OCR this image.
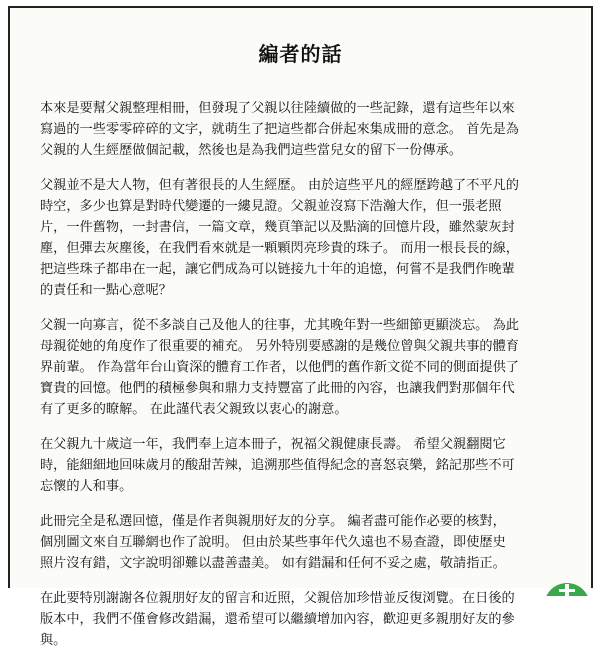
編者的話
本來是要幫父親整理相冊，但發現了父親以往陸續做的一些記錄，還有這些年以來
寫過的一些零零碎碎的文字，就萌生了把這些都合併起來集成冊的意念。 首先是為
父親的人生經歷做個記載，然後也是為我們這些當兒女的留下一份傳承。
父親並不是大人物，但有著很長的人生經歷。 由於這些平凡的經歷跨越了不平凡的
時空，多少也算是對時代變遷的一縷見證。父親並沒寫下浩瀚大作，但一張老照
片，一件舊物，一封書信，一篇文章，幾頁筆記以及點滴的回憶片段，雖然蒙灰封
塵，但彈去灰塵後，在我們看來就是一顆顆閃亮珍貴的珠子。 而用一根長長的線，
把這些珠子都串在一起，讓它們成為可以链接九十年的追憶，何嘗不是我們作晚輩
的責任和一點心意呢？
父親一向寡言，從不多談自己及他人的往事，尤其晚年對一些細節更顯淡忘。 為此
母親從她的角度作了很重要的補充。 另外特別要感謝的是幾位曾與父親共事的體育
界前輩。 作為當年台山資深的體育工作者，以他們的舊作新文從不同的側面提供了
寶貴的回憶。他們的積極參與和鼎力支持豐富了此冊的內容，也讓我們對那個年代
有了更多的瞭解。 在此謹代表父親致以衷心的謝意。
在父親九十歲這一年，我們奉上這本冊子，祝福父親健康長壽。 希望父親翻閱它
時，能細細地回味歲月的酸甜苦辣，追溯那些值得紀念的喜怒哀樂，銘記那些不可
忘懷的人和事。
此冊完全是私選回憶，僅是作者與親朋好友的分享。 編者盡可能作必要的核對，
個別圖文來自互聯網也作了說明。 但由於某些事年代久遠也不易查證，即使歷史
照片沒有錯，文字說明卻難以盡善盡美。 如有錯漏和任何不妥之處，敬請指正。
在此要特別謝謝各位親朋好友的留言和近照，父親倍加珍惜並反復浏覽。在日後的
版本中，我們不僅會修改錯漏，還希望可以繼續增加內容，歡迎更多親朋好友的參
與。
